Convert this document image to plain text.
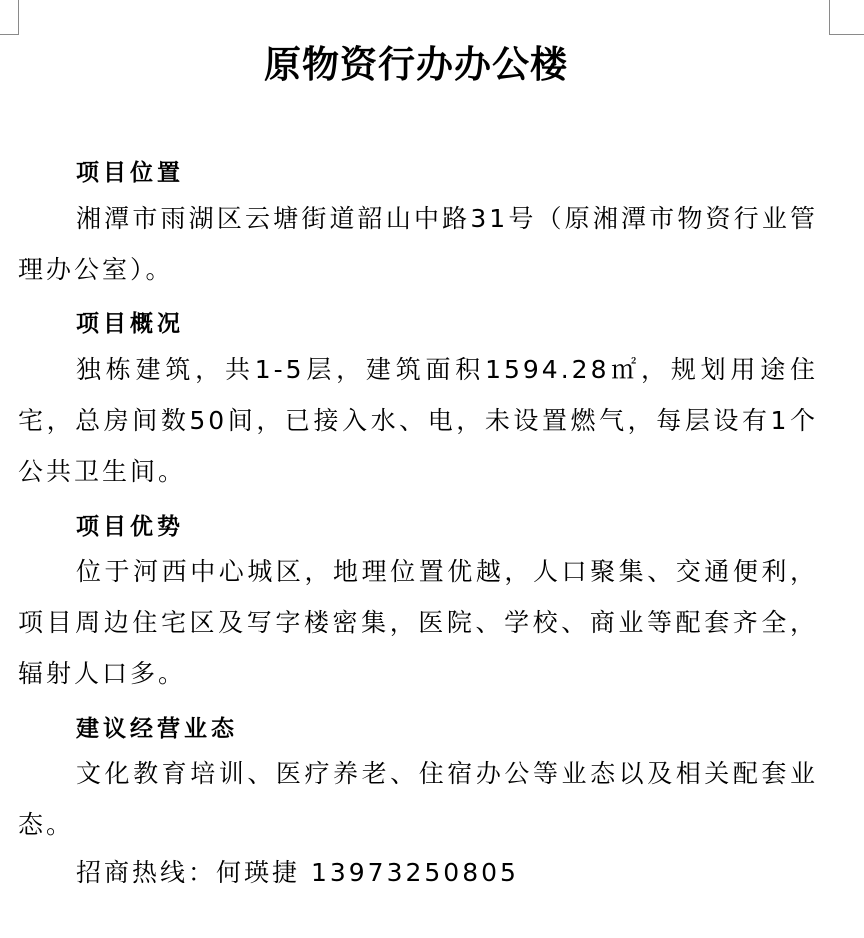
原物资行办办公楼
项目位置
湘潭市雨湖区云塘街道韶山中路31号（原湘潭市物资行业管理办公室）。
项目概况
独栋建筑，共1-5层，建筑面积1594.28㎡，规划用途住宅，总房间数50间，已接入水、电，未设置燃气，每层设有1个公共卫生间。
项目优势
位于河西中心城区，地理位置优越，人口聚集、交通便利，项目周边住宅区及写字楼密集，医院、学校、商业等配套齐全，辐射人口多。
建议经营业态
文化教育培训、医疗养老、住宿办公等业态以及相关配套业态。
招商热线：何瑛捷 13973250805
